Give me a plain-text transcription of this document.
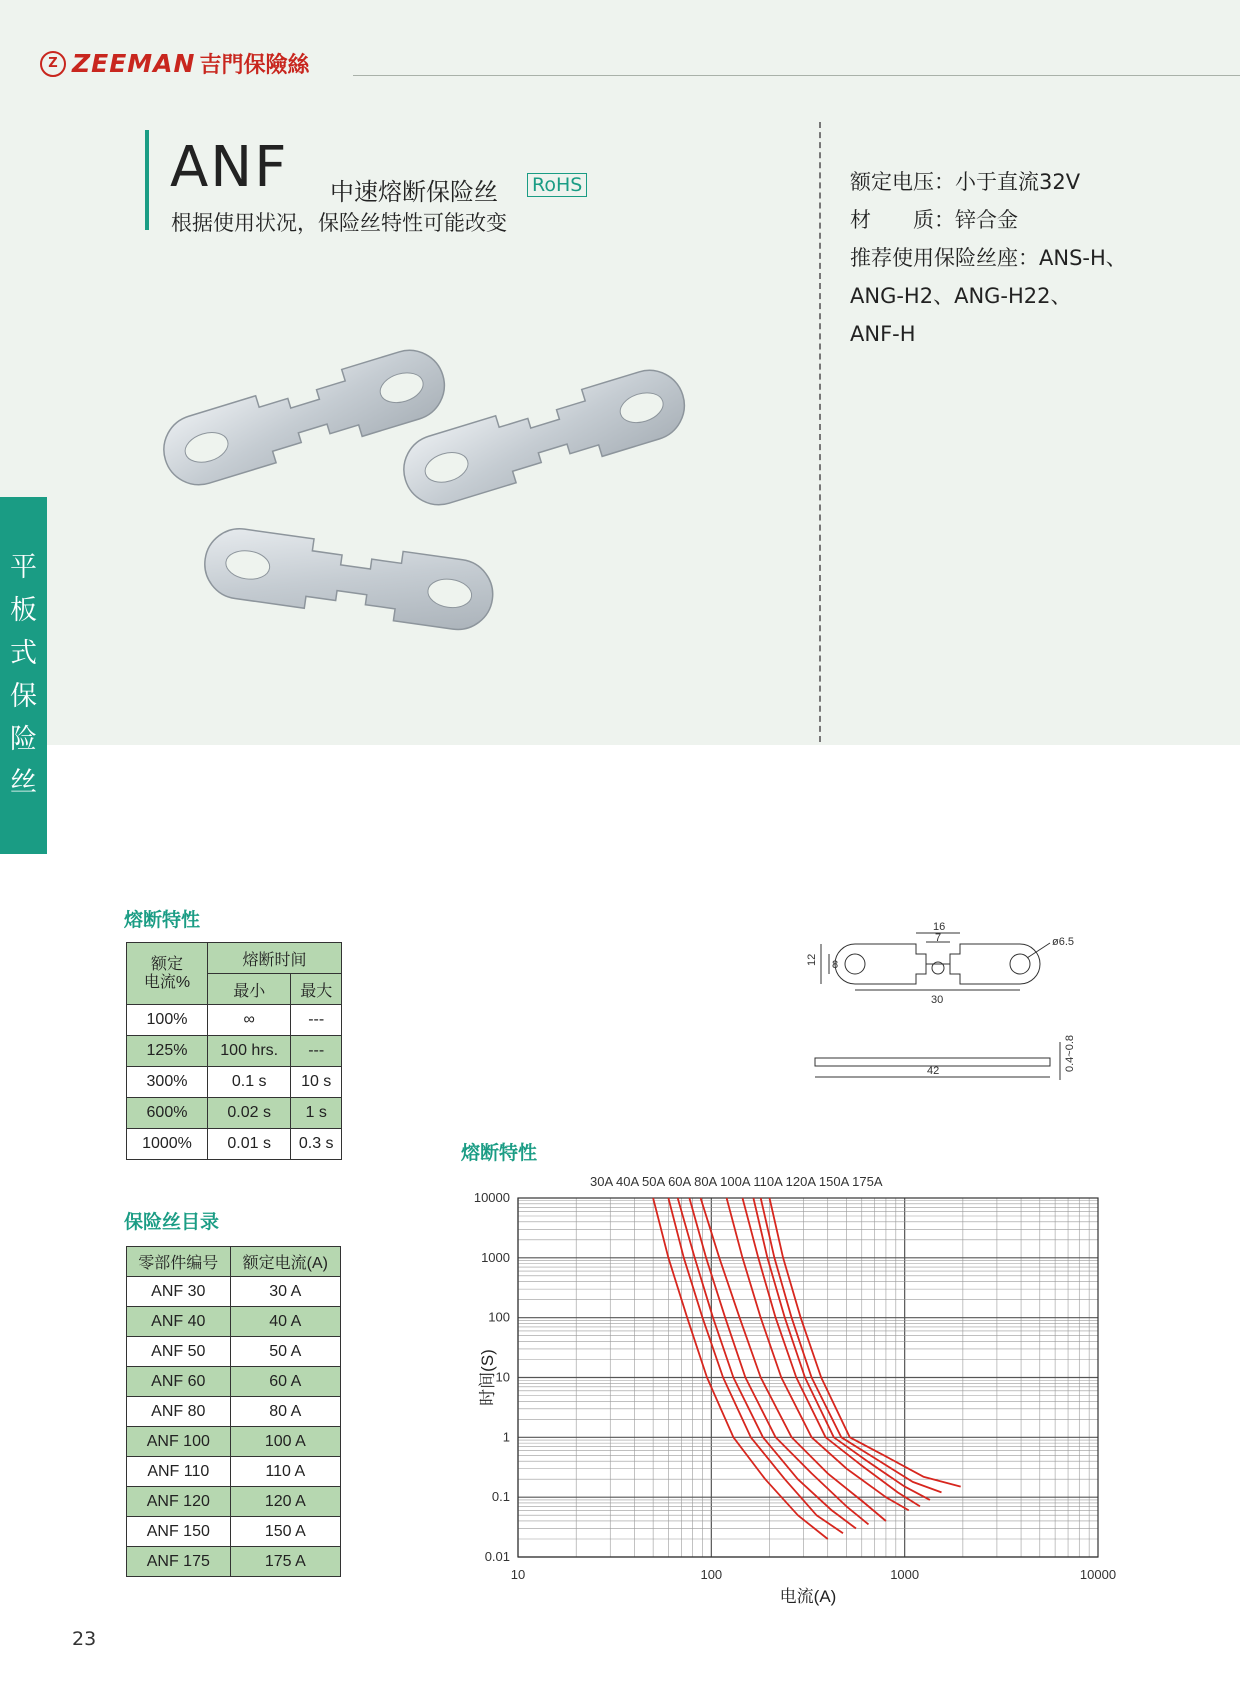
Z ZEEMAN 吉門保險絲
ANF 中速熔断保险丝 RoHS
根据使用状况，保险丝特性可能改变
额定电压：小于直流32V
材　　质：锌合金
推荐使用保险丝座：ANS-H、
ANG-H2、ANG-H22、
ANF-H
平
板
式
保
险
丝
熔断特性
额定
电流%	熔断时间	
	最小	最大
100%	∞	---
125%	100 hrs.	---
300%	0.1 s	10 s
600%	0.02 s	1 s
1000%	0.01 s	0.3 s
保险丝目录
零部件编号	额定电流(A)
ANF 30	30 A
ANF 40	40 A
ANF 50	50 A
ANF 60	60 A
ANF 80	80 A
ANF 100	100 A
ANF 110	110 A
ANF 120	120 A
ANF 150	150 A
ANF 175	175 A
16
7
12 8
ø6.5
30
0.4~0.8
42
熔断特性
10	100	1000	10000
0.01
0.1
1
10
100
1000
10000
电流(A)
时间(S)
30A 40A 50A 60A 80A 100A 110A 120A 150A 175A
23
